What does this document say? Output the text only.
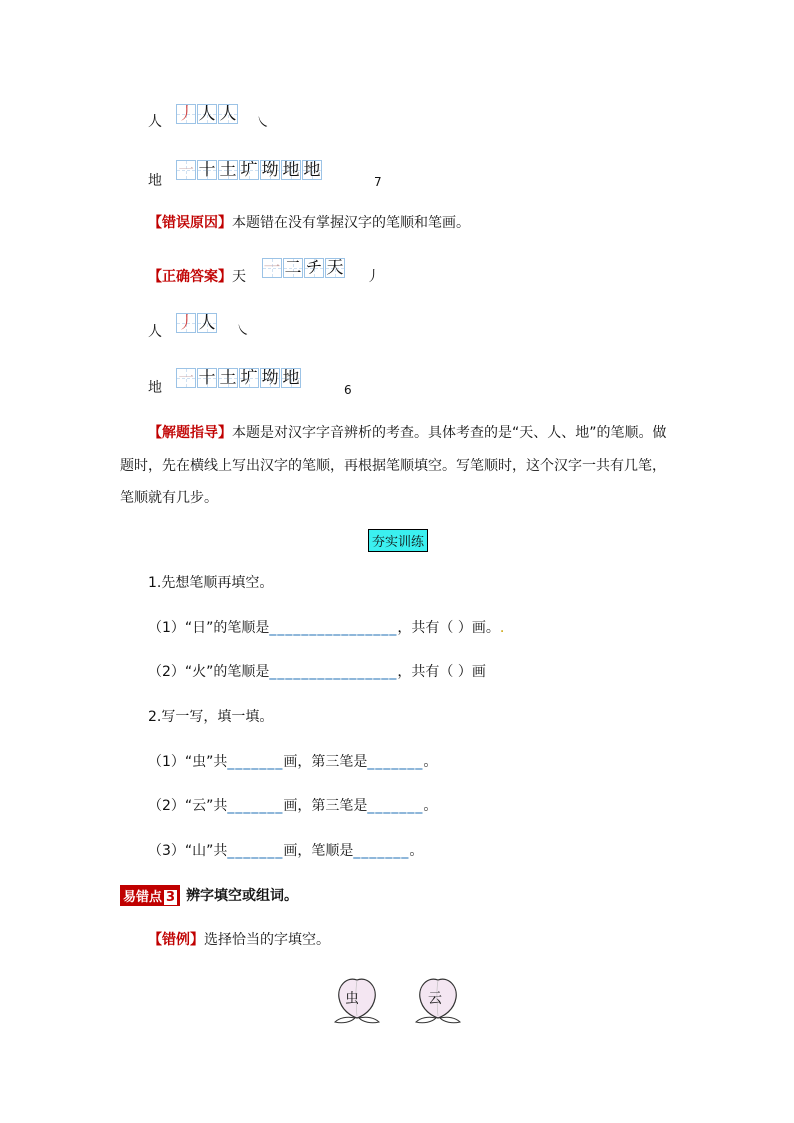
人 丿 人 人 ㇏
地
㇐ 十 土 圹 坳 地 地
7
【错误原因】本题错在没有掌握汉字的笔顺和笔画。
【正确答案】天 一 二 チ 天 丿
人 丿 人 ㇏
地 ㇐ 十 土 圹 坳 地
6
【解题指导】本题是对汉字字音辨析的考查。具体考查的是“天、人、地”的笔顺。做
题时，先在横线上写出汉字的笔顺，再根据笔顺填空。写笔顺时，这个汉字一共有几笔，
笔顺就有几步。
夯实训练
1.先想笔顺再填空。
（1）“日”的笔顺是________________，共有（ ）画。.
（2）“火”的笔顺是________________，共有（ ）画
2.写一写，填一填。
（1）“虫”共_______画，第三笔是_______。
（2）“云”共_______画，第三笔是_______。
（3）“山”共_______画，笔顺是_______。
易错点 3 辨字填空或组词。
【错例】选择恰当的字填空。
虫	云
